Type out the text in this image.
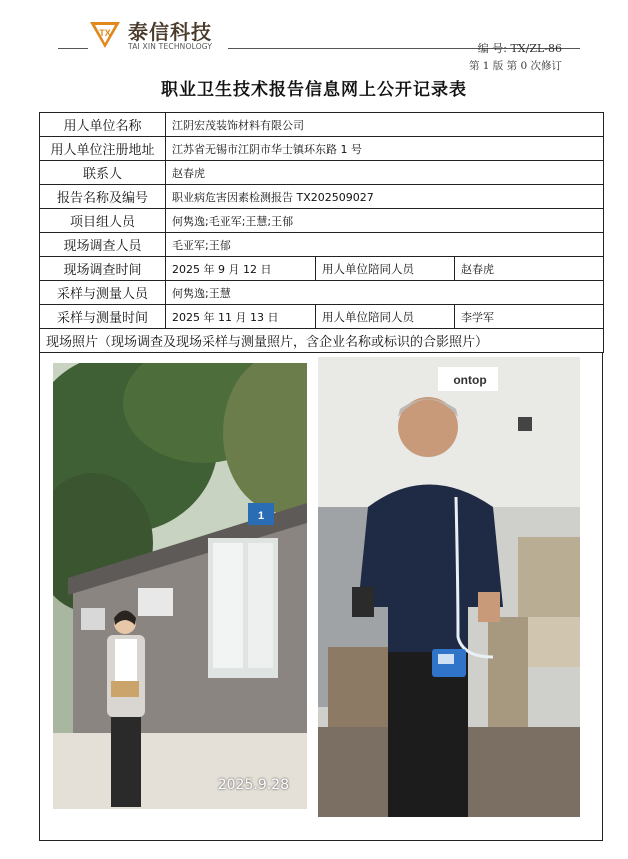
TX 泰信科技
TAI XIN TECHNOLOGY	编 号: TX/ZL-86
第 1 版 第 0 次修订
职业卫生技术报告信息网上公开记录表
用人单位名称	江阴宏茂装饰材料有限公司		
用人单位注册地址	江苏省无锡市江阴市华士镇环东路 1 号		
联系人	赵春虎		
报告名称及编号	职业病危害因素检测报告 TX202509027		
项目组人员	何隽逸;毛亚军;王慧;王郁		
现场调查人员	毛亚军;王郁		
现场调查时间	2025 年 9 月 12 日	用人单位陪同人员	赵春虎
采样与测量人员	何隽逸;王慧		
采样与测量时间	2025 年 11 月 13 日	用人单位陪同人员	李学军
现场照片（现场调查及现场采样与测量照片，含企业名称或标识的合影照片）			
1
2025.9.28
ontop
